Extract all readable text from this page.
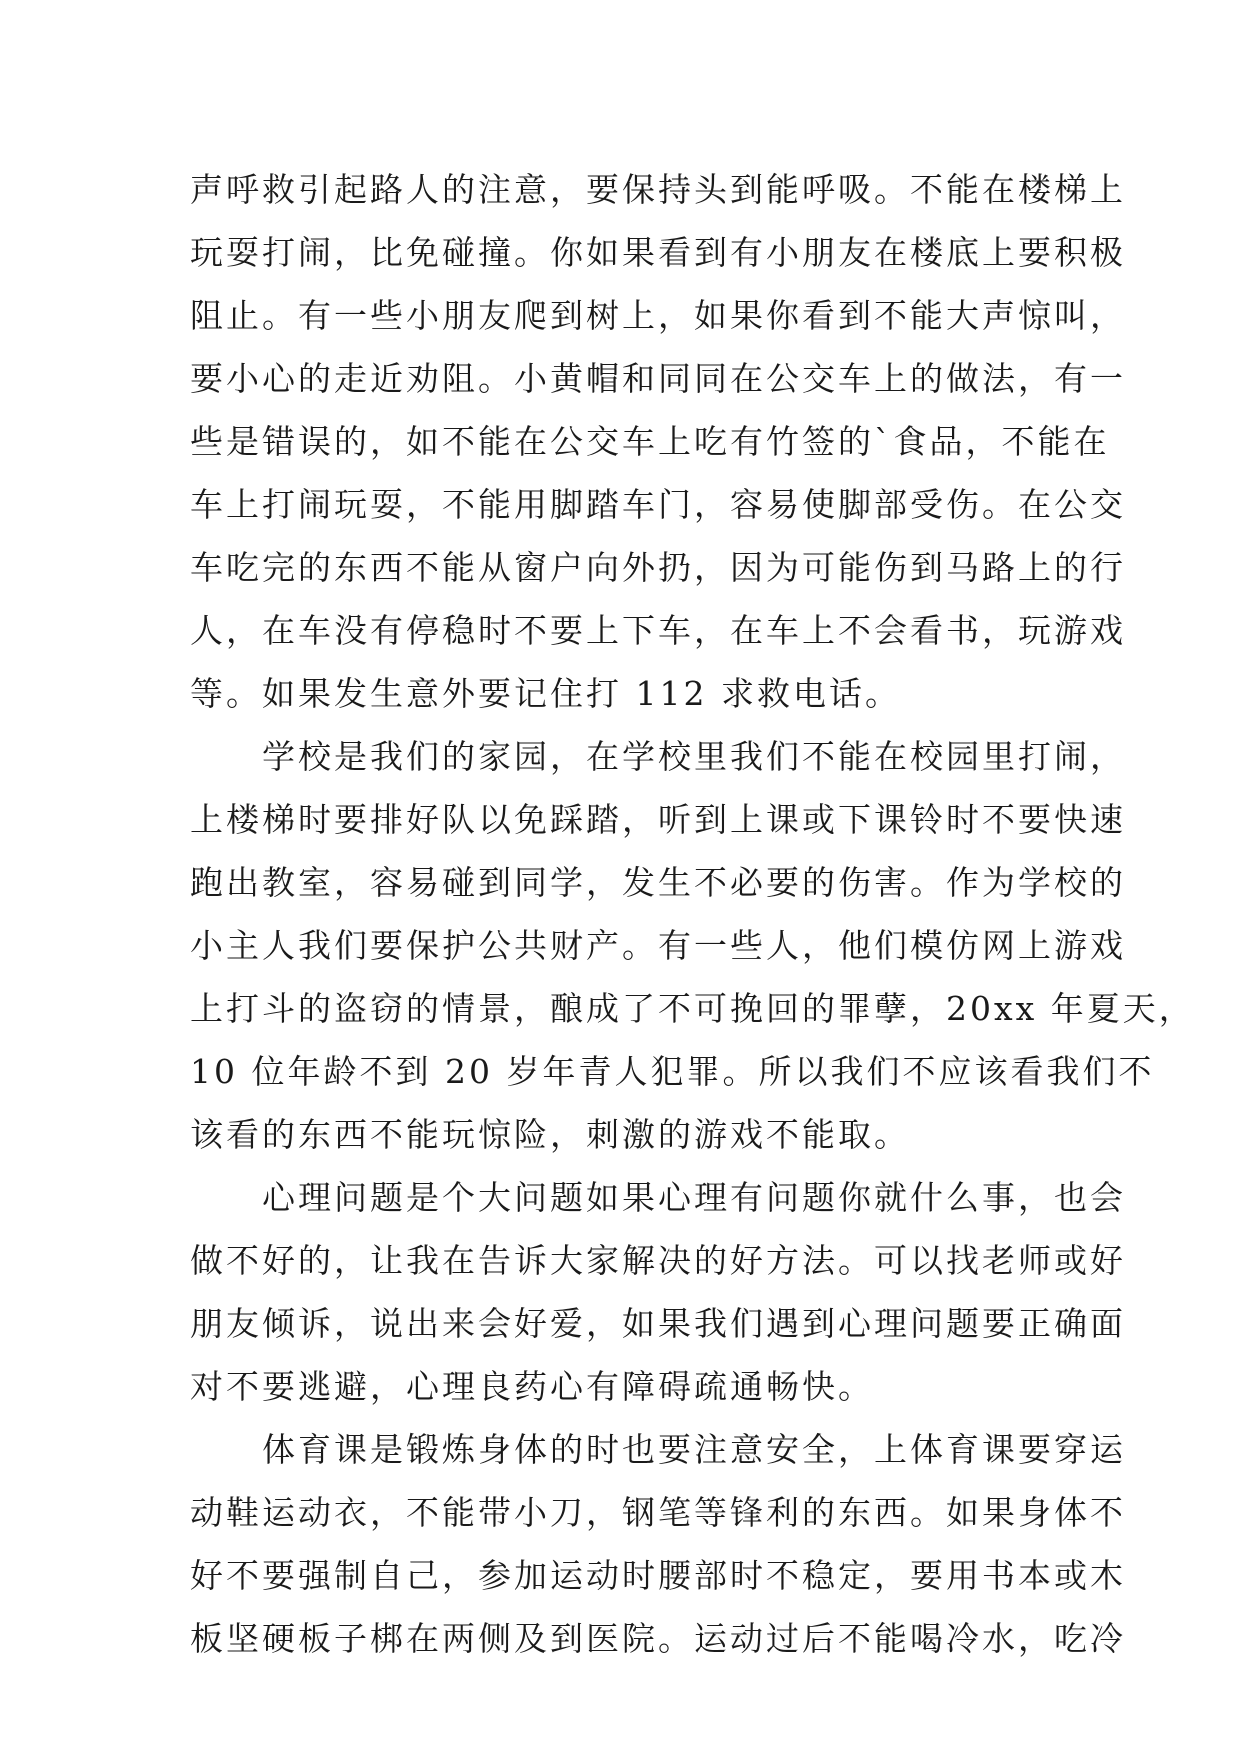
声呼救引起路人的注意，要保持头到能呼吸。不能在楼梯上
玩耍打闹，比免碰撞。你如果看到有小朋友在楼底上要积极
阻止。有一些小朋友爬到树上，如果你看到不能大声惊叫，
要小心的走近劝阻。小黄帽和同同在公交车上的做法，有一
些是错误的，如不能在公交车上吃有竹签的`食品，不能在
车上打闹玩耍，不能用脚踏车门，容易使脚部受伤。在公交
车吃完的东西不能从窗户向外扔，因为可能伤到马路上的行
人，在车没有停稳时不要上下车，在车上不会看书，玩游戏
等。如果发生意外要记住打 112 求救电话。
学校是我们的家园，在学校里我们不能在校园里打闹，
上楼梯时要排好队以免踩踏，听到上课或下课铃时不要快速
跑出教室，容易碰到同学，发生不必要的伤害。作为学校的
小主人我们要保护公共财产。有一些人，他们模仿网上游戏
上打斗的盗窃的情景，酿成了不可挽回的罪孽，20xx 年夏天，
10 位年龄不到 20 岁年青人犯罪。所以我们不应该看我们不
该看的东西不能玩惊险，刺激的游戏不能取。
心理问题是个大问题如果心理有问题你就什么事，也会
做不好的，让我在告诉大家解决的好方法。可以找老师或好
朋友倾诉，说出来会好爱，如果我们遇到心理问题要正确面
对不要逃避，心理良药心有障碍疏通畅快。
体育课是锻炼身体的时也要注意安全，上体育课要穿运
动鞋运动衣，不能带小刀，钢笔等锋利的东西。如果身体不
好不要强制自己，参加运动时腰部时不稳定，要用书本或木
板坚硬板子梆在两侧及到医院。运动过后不能喝冷水，吃冷
